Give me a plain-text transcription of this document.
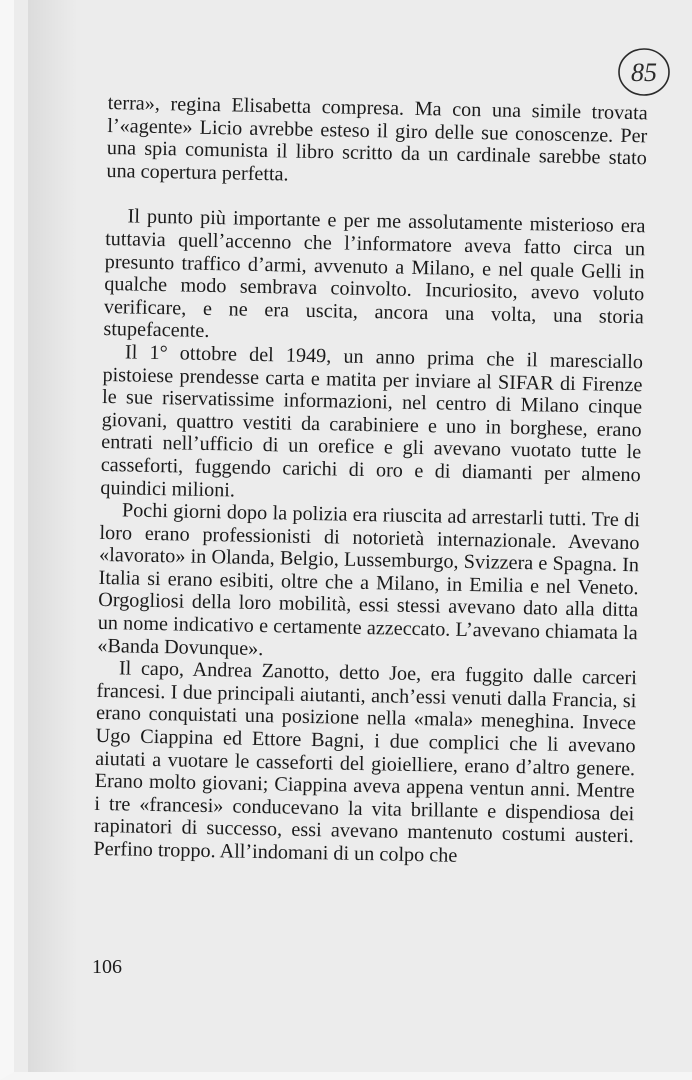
85

terra», regina Elisabetta compresa. Ma con una simile trovata l’«agente» Licio avrebbe esteso il giro delle sue conoscenze. Per una spia comunista il libro scritto da un cardinale sarebbe stato una copertura perfetta.

Il punto più importante e per me assolutamente misterioso era tuttavia quell’accenno che l’informatore aveva fatto circa un presunto traffico d’armi, avvenuto a Milano, e nel quale Gelli in qualche modo sembrava coinvolto. Incuriosito, avevo voluto verificare, e ne era uscita, ancora una volta, una storia stupefacente.

Il 1° ottobre del 1949, un anno prima che il maresciallo pistoiese prendesse carta e matita per inviare al SIFAR di Firenze le sue riservatissime informazioni, nel centro di Milano cinque giovani, quattro vestiti da carabiniere e uno in borghese, erano entrati nell’ufficio di un orefice e gli avevano vuotato tutte le casseforti, fuggendo carichi di oro e di diamanti per almeno quindici milioni.

Pochi giorni dopo la polizia era riuscita ad arrestarli tutti. Tre di loro erano professionisti di notorietà internazionale. Avevano «lavorato» in Olanda, Belgio, Lussemburgo, Svizzera e Spagna. In Italia si erano esibiti, oltre che a Milano, in Emilia e nel Veneto. Orgogliosi della loro mobilità, essi stessi avevano dato alla ditta un nome indicativo e certamente azzeccato. L’avevano chiamata la «Banda Dovunque».

Il capo, Andrea Zanotto, detto Joe, era fuggito dalle carceri francesi. I due principali aiutanti, anch’essi venuti dalla Francia, si erano conquistati una posizione nella «mala» meneghina. Invece Ugo Ciappina ed Ettore Bagni, i due complici che li avevano aiutati a vuotare le casseforti del gioielliere, erano d’altro genere. Erano molto giovani; Ciappina aveva appena ventun anni. Mentre i tre «francesi» conducevano la vita brillante e dispendiosa dei rapinatori di successo, essi avevano mantenuto costumi austeri. Perfino troppo. All’indomani di un colpo che

106
